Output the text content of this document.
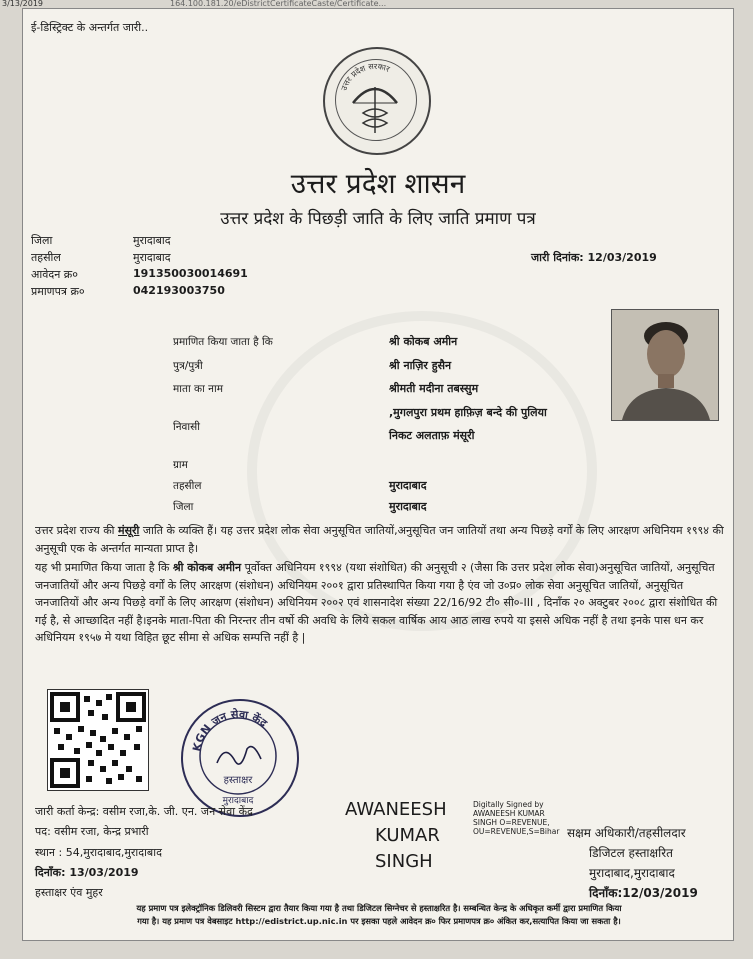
3/13/2019	164.100.181.20/eDistrictCertificateCaste/Certificate...
ई-डिस्ट्रिक्ट के अन्तर्गत जारी..
उत्तर प्रदेश सरकार
उत्तर प्रदेश शासन
उत्तर प्रदेश के पिछड़ी जाति के लिए जाति प्रमाण पत्र
जिला	मुरादाबाद
तहसील	मुरादाबाद
आवेदन क्र०	191350030014691
प्रमाणपत्र क्र०	042193003750
जारी दिनांक: 12/03/2019
प्रमाणित किया जाता है कि	श्री कोकब अमीन
पुत्र/पुत्री	श्री नाज़िर हुसैन
माता का नाम	श्रीमती मदीना तबस्सुम
निवासी
,मुगलपुरा प्रथम हाफ़िज़ बन्दे की पुलिया
निकट अलताफ़ मंसूरी
ग्राम
तहसील	मुरादाबाद
जिला	मुरादाबाद

उत्तर प्रदेश राज्य की मंसूरी जाति के व्यक्ति हैं। यह उत्तर प्रदेश लोक सेवा अनुसूचित जातियों,अनुसूचित जन जातियों तथा अन्य पिछड़े वर्गों के लिए आरक्षण अधिनियम १९९४ की अनुसूची एक के अन्तर्गत मान्यता प्राप्त है।

यह भी प्रमाणित किया जाता है कि श्री कोकब अमीन पूर्वोक्त अधिनियम १९९४ (यथा संशोधित) की अनुसूची २ (जैसा कि उत्तर प्रदेश लोक सेवा)अनुसूचित जातियों, अनुसूचित जनजातियों और अन्य पिछड़े वर्गों के लिए आरक्षण (संशोधन) अधिनियम २००१ द्वारा प्रतिस्थापित किया गया है एंव जो उ०प्र० लोक सेवा अनुसूचित जातियों, अनुसूचित जनजातियों और अन्य पिछड़े वर्गों के लिए आरक्षण (संशोधन) अधिनियम २००२ एवं शासनादेश संख्या 22/16/92 टी० सी०-III , दिनाँक २० अक्टुबर २००८ द्वारा संशोधित की गई है, से आच्छादित नहीं है।इनके माता-पिता की निरन्तर तीन वर्षो की अवधि के लिये सकल वार्षिक आय आठ लाख रुपये या इससे अधिक नहीं है तथा इनके पास धन कर अधिनियम १९५७ मे यथा विहित छूट सीमा से अधिक सम्पत्ति नहीं है |

KGN जन सेवा केंद्र
हस्ताक्षर
मुरादाबाद
जारी कर्ता केन्द्र: वसीम रजा,के. जी. एन. जन सेवा केंद्र
पद: वसीम रजा, केन्द्र प्रभारी
स्थान : 54,मुरादाबाद,मुरादाबाद
दिनाँक: 13/03/2019
हस्ताक्षर एंव मुहर
AWANEESH
KUMAR
SINGH
Digitally Signed by
AWANEESH KUMAR
SINGH O=REVENUE,
OU=REVENUE,S=Bihar सक्षम अधिकारी/तहसीलदार
डिजिटल हस्ताक्षरित
मुरादाबाद,मुरादाबाद
दिनाँक:12/03/2019

यह प्रमाण पत्र इलेक्ट्रॉनिक डिलिवरी सिस्टम द्वारा तैयार किया गया है तथा डिजिटल सिग्नेचर से हस्ताक्षरित है। सम्बन्धित केन्द्र के अधिकृत कर्मी द्वारा प्रमाणित किया
गया है। यह प्रमाण पत्र वेबसाइट http://edistrict.up.nic.in पर इसका पहले आवेदन क्र० फिर प्रमाणपत्र क्र० अंकित कर,सत्यापित किया जा सकता है।
